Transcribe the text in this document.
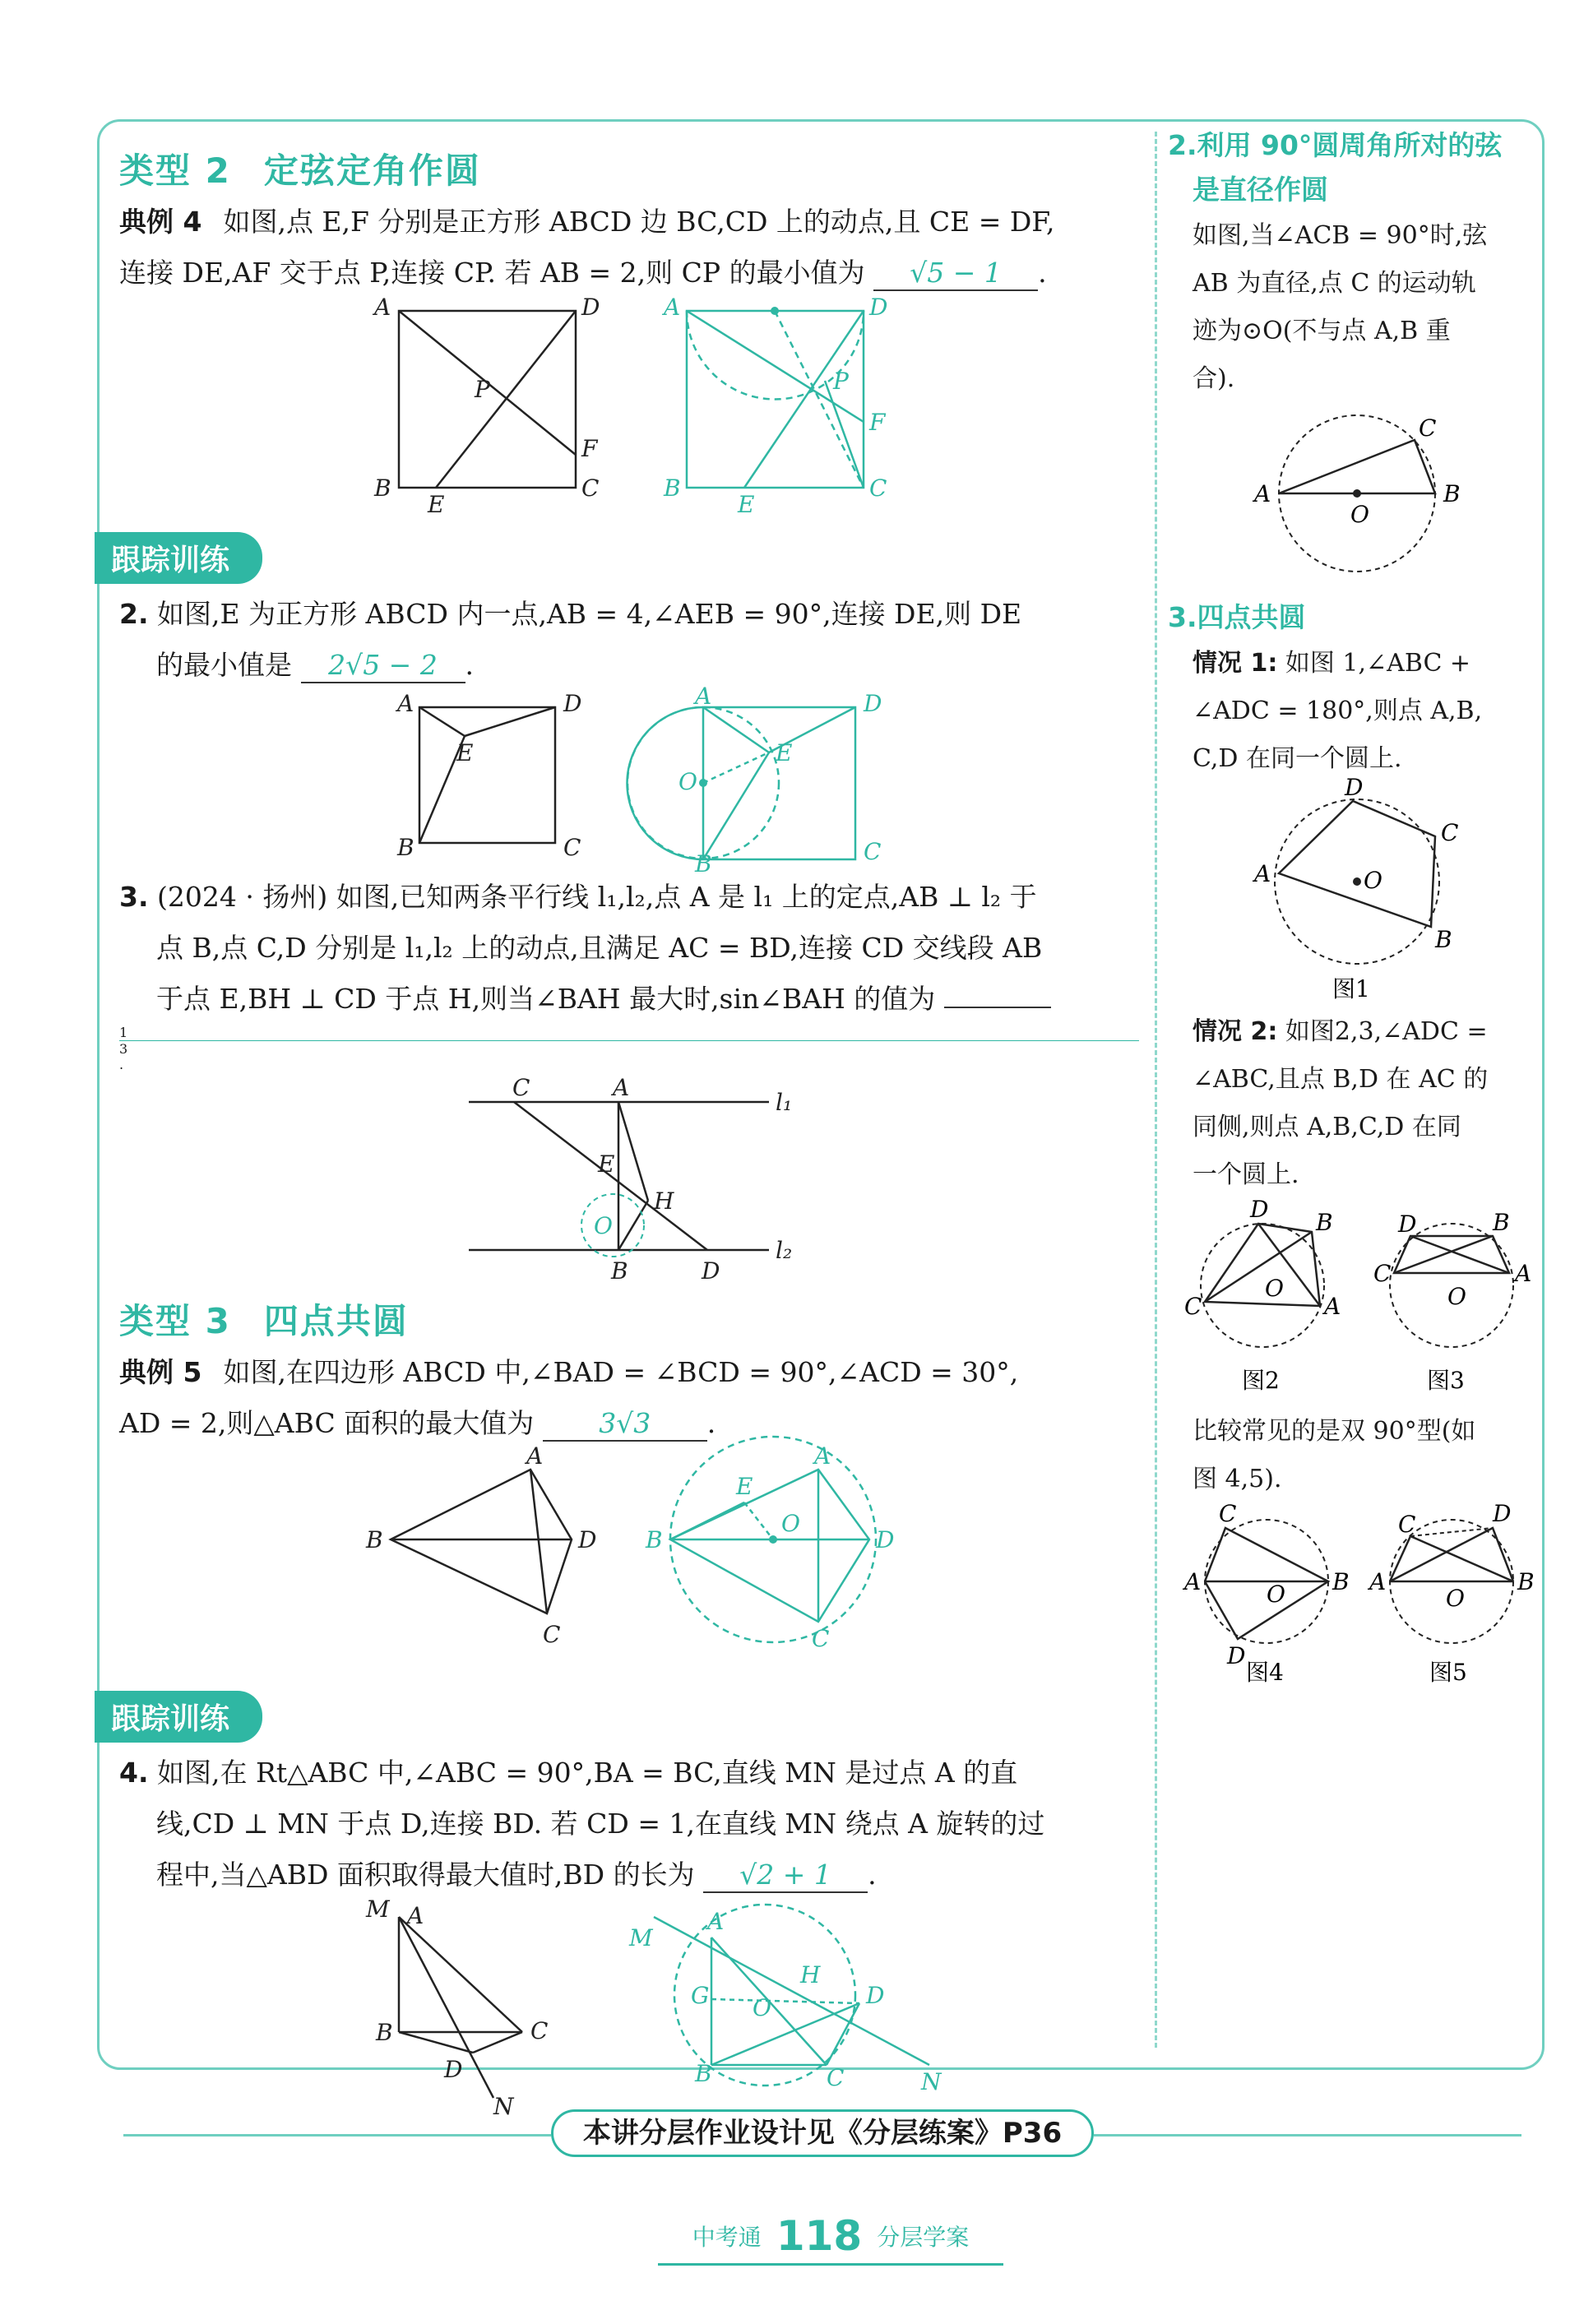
类型 2 定弦定角作圆

典例 4 如图,点 E,F 分别是正方形 ABCD 边 BC,CD 上的动点,且 CE = DF,
连接 DE,AF 交于点 P,连接 CP. 若 AB = 2,则 CP 的最小值为 √5 − 1 .

A	D
B
E
C
F
P
A	D
B
E
C
F
P
跟踪训练

2. 如图,E 为正方形 ABCD 内一点,AB = 4,∠AEB = 90°,连接 DE,则 DE
的最小值是 2√5 − 2 .

A	D
B	C
E
A	D
B	C
E
O

3. (2024 · 扬州) 如图,已知两条平行线 l₁,l₂,点 A 是 l₁ 上的定点,AB ⊥ l₂ 于
点 B,点 C,D 分别是 l₁,l₂ 上的动点,且满足 AC = BD,连接 CD 交线段 AB
于点 E,BH ⊥ CD 于点 H,则当∠BAH 最大时,sin∠BAH 的值为

1
3
.

C	A
l₁
l₂
E
H
B	D
O
类型 3 四点共圆

典例 5 如图,在四边形 ABCD 中,∠BAD = ∠BCD = 90°,∠ACD = 30°,
AD = 2,则△ABC 面积的最大值为 3√3 .

B
A
D
C
B
A
D
C
E
O
跟踪训练

4. 如图,在 Rt△ABC 中,∠ABC = 90°,BA = BC,直线 MN 是过点 A 的直
线,CD ⊥ MN 于点 D,连接 BD. 若 CD = 1,在直线 MN 绕点 A 旋转的过
程中,当△ABD 面积取得最大值时,BD 的长为 √2 + 1 .

M A
B	C
D
N
M
A
B	C
D
H
G O
N
2.利用 90°圆周角所对的弦
是直径作圆

如图,当∠ACB = 90°时,弦
AB 为直径,点 C 的运动轨
迹为⊙O(不与点 A,B 重
合).

A	B
C
O
3.四点共圆

情况 1: 如图 1,∠ABC +
∠ADC = 180°,则点 A,B,
C,D 在同一个圆上.

A
D
C
B
O
图1

情况 2: 如图2,3,∠ADC =
∠ABC,且点 B,D 在 AC 的
同侧,则点 A,B,C,D 在同
一个圆上.

C
D B
A
O
图2
C
D	B
A
O
图3

比较常见的是双 90°型(如
图 4,5).

A
C
B
D
O
图4
A
C
B
D
O
图5
本讲分层作业设计见《分层练案》P36
中考通 118 分层学案
